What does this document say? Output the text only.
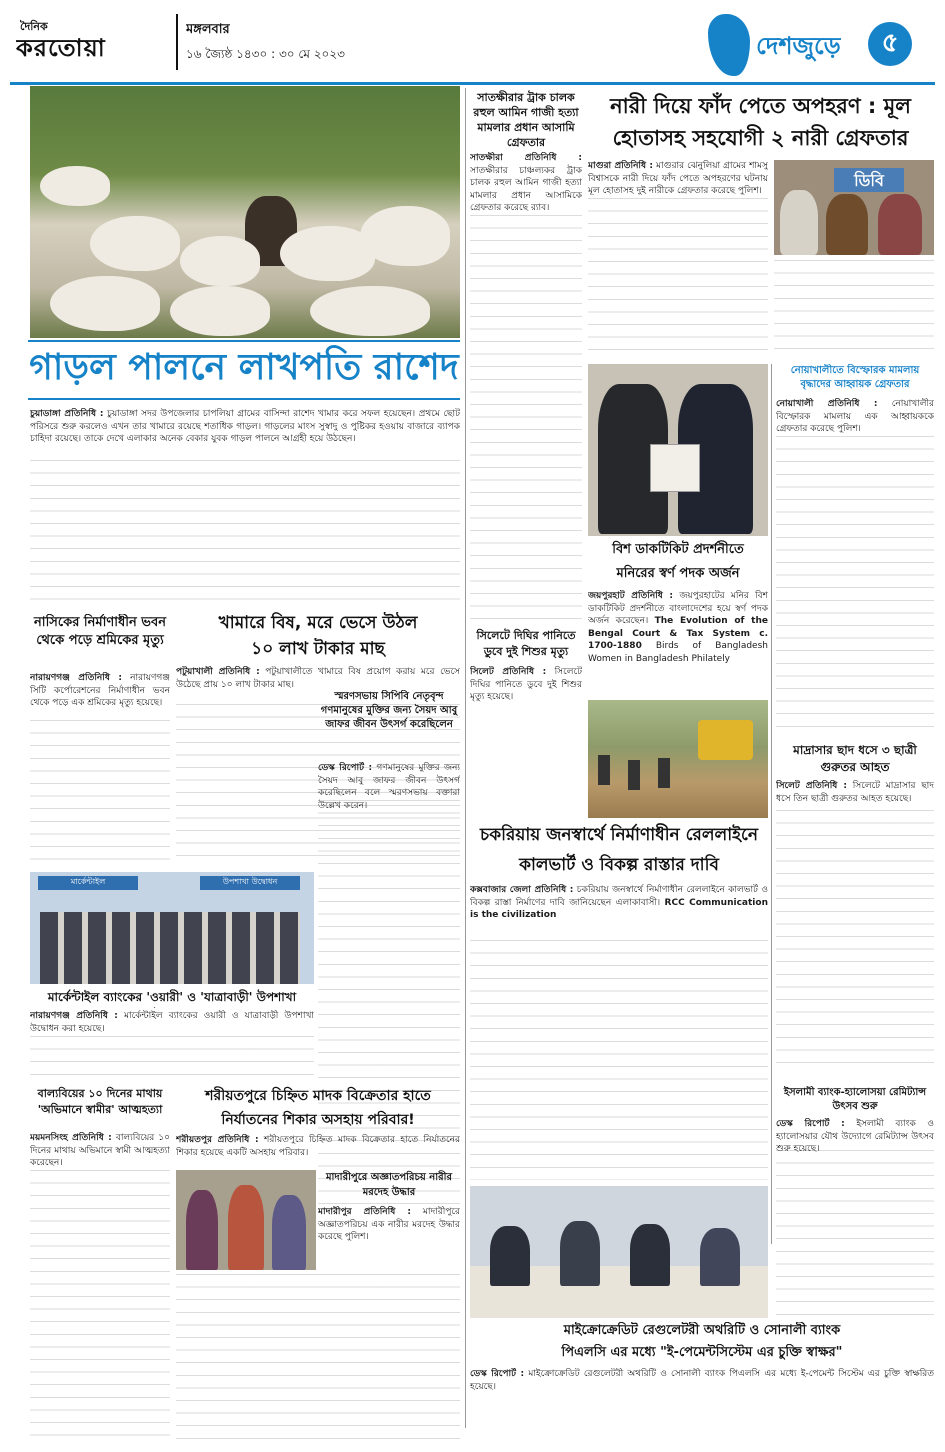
দৈনিক
করতোয়া
মঙ্গলবার
১৬ জ্যৈষ্ঠ ১৪৩০ : ৩০ মে ২০২৩	দেশজুড়ে	৫
গাড়ল পালনে লাখপতি রাশেদ
চুয়াডাঙ্গা প্রতিনিধি : চুয়াডাঙ্গা সদর উপজেলার চাপলিয়া গ্রামের বাসিন্দা রাশেদ খামার করে সফল হয়েছেন। প্রথমে ছোট পরিসরে শুরু করলেও এখন তার খামারে রয়েছে শতাধিক গাড়ল। গাড়লের মাংস সুস্বাদু ও পুষ্টিকর হওয়ায় বাজারে ব্যাপক চাহিদা রয়েছে। তাকে দেখে এলাকার অনেক বেকার যুবক গাড়ল পালনে আগ্রহী হয়ে উঠছেন।
সাতক্ষীরার ট্রাক চালক রহুল আমিন গাজী হত্যা মামলার প্রধান আসামি গ্রেফতার
সাতক্ষীরা প্রতিনিধি : সাতক্ষীরার চাঞ্চল্যকর ট্রাক চালক রহুল আমিন গাজী হত্যা মামলার প্রধান আসামিকে গ্রেফতার করেছে র‍্যাব।
নারী দিয়ে ফাঁদ পেতে অপহরণ : মূল
হোতাসহ সহযোগী ২ নারী গ্রেফতার
মাগুরা প্রতিনিধি : মাগুরার ঝেনুলিয়া গ্রামের শামসু বিশ্বাসকে নারী দিয়ে ফাঁদ পেতে অপহরণের ঘটনায় মূল হোতাসহ দুই নারীকে গ্রেফতার করেছে পুলিশ।
ডিবি
নোয়াখালীতে বিস্ফোরক মামলায় বৃদ্ধাদের আহ্বায়ক গ্রেফতার
নোয়াখালী প্রতিনিধি : নোয়াখালীর বিস্ফোরক মামলায় এক আহ্বায়ককে গ্রেফতার করেছে পুলিশ।
বিশ ডাকটিকিট প্রদর্শনীতে
মনিরের স্বর্ণ পদক অর্জন
জয়পুরহাট প্রতিনিধি : জয়পুরহাটের মনির বিশ ডাকটিকিট প্রদর্শনীতে বাংলাদেশের হয়ে স্বর্ণ পদক অর্জন করেছেন। The Evolution of the Bengal Court & Tax System c. 1700-1880 Birds of Bangladesh Women in Bangladesh Philately
সিলেটে দিঘির পানিতে ডুবে দুই শিশুর মৃত্যু
সিলেট প্রতিনিধি : সিলেটে দিঘির পানিতে ডুবে দুই শিশুর মৃত্যু হয়েছে।
নাসিকের নির্মাণাধীন ভবন থেকে পড়ে শ্রমিকের মৃত্যু
নারায়ণগঞ্জ প্রতিনিধি : নারায়ণগঞ্জ সিটি কর্পোরেশনের নির্মাণাধীন ভবন থেকে পড়ে এক শ্রমিকের মৃত্যু হয়েছে।
খামারে বিষ, মরে ভেসে উঠল
১০ লাখ টাকার মাছ
পটুয়াখালী প্রতিনিধি : পটুয়াখালীতে খামারে বিষ প্রয়োগ করায় মরে ভেসে উঠেছে প্রায় ১০ লাখ টাকার মাছ।
স্মরণসভায় সিপিবি নেতৃবৃন্দ গণমানুষের মুক্তির জন্য সৈয়দ আবু জাফর জীবন উৎসর্গ করেছিলেন
ডেস্ক রিপোর্ট : গণমানুষের মুক্তির জন্য সৈয়দ আবু জাফর জীবন উৎসর্গ করেছিলেন বলে স্মরণসভায় বক্তারা উল্লেখ করেন।
চকরিয়ায় জনস্বার্থে নির্মাণাধীন রেললাইনে
কালভার্ট ও বিকল্প রাস্তার দাবি
কক্সবাজার জেলা প্রতিনিধি : চকরিয়ায় জনস্বার্থে নির্মাণাধীন রেললাইনে কালভার্ট ও বিকল্প রাস্তা নির্মাণের দাবি জানিয়েছেন এলাকাবাসী। RCC Communication is the civilization
মাদ্রাসার ছাদ ধসে ৩ ছাত্রী গুরুতর আহত
সিলেট প্রতিনিধি : সিলেটে মাদ্রাসার ছাদ ধসে তিন ছাত্রী গুরুতর আহত হয়েছে।
মার্কেন্টাইল	উপশাখা উদ্বোধন
মার্কেন্টাইল ব্যাংকের 'ওয়ারী' ও 'যাত্রাবাড়ী' উপশাখা
নারায়ণগঞ্জ প্রতিনিধি : মার্কেন্টাইল ব্যাংকের ওয়ারী ও যাত্রাবাড়ী উপশাখা উদ্বোধন করা হয়েছে।
বাল্যবিয়ের ১০ দিনের মাথায় 'অভিমানে স্বামীর' আত্মহত্যা
ময়মনসিংহ প্রতিনিধি : বাল্যবিয়ের ১০ দিনের মাথায় অভিমানে স্বামী আত্মহত্যা করেছেন।
শরীয়তপুরে চিহ্নিত মাদক বিক্রেতার হাতে
নির্যাতনের শিকার অসহায় পরিবার!
শরীয়তপুর প্রতিনিধি : শরীয়তপুরে চিহ্নিত মাদক বিক্রেতার হাতে নির্যাতনের শিকার হয়েছে একটি অসহায় পরিবার।
মাদারীপুরে অজ্ঞাতপরিচয় নারীর মরদেহ উদ্ধার
মাদারীপুর প্রতিনিধি : মাদারীপুরে অজ্ঞাতপরিচয় এক নারীর মরদেহ উদ্ধার করেছে পুলিশ।
মাইক্রোক্রেডিট রেগুলেটরী অথরিটি ও সোনালী ব্যাংক
পিএলসি এর মধ্যে "ই-পেমেন্টসিস্টেম এর চুক্তি স্বাক্ষর"
ডেস্ক রিপোর্ট : মাইক্রোক্রেডিট রেগুলেটরী অথরিটি ও সোনালী ব্যাংক পিএলসি এর মধ্যে ই-পেমেন্ট সিস্টেম এর চুক্তি স্বাক্ষরিত হয়েছে।
ইসলামী ব্যাংক-হ্যালোসয়া রেমিট্যান্স উৎসব শুরু
ডেস্ক রিপোর্ট : ইসলামী ব্যাংক ও হ্যালোসয়ার যৌথ উদ্যোগে রেমিট্যান্স উৎসব শুরু হয়েছে।
